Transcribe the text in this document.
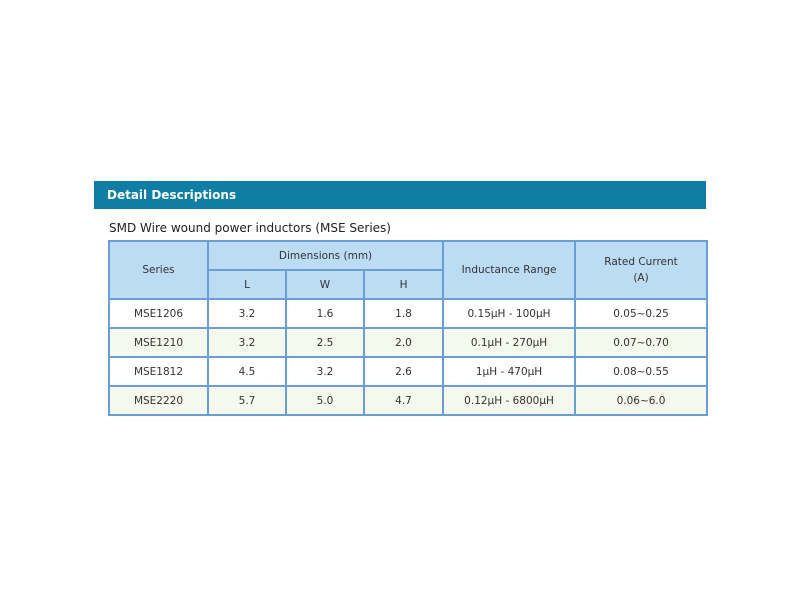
Detail Descriptions
SMD Wire wound power inductors (MSE Series)
Series	Dimensions (mm)			Inductance Range	Rated Current
(A)

	L	W	H		
MSE1206	3.2	1.6	1.8	0.15μH - 100μH	0.05~0.25
MSE1210	3.2	2.5	2.0	0.1μH - 270μH	0.07~0.70
MSE1812	4.5	3.2	2.6	1μH - 470μH	0.08~0.55
MSE2220	5.7	5.0	4.7	0.12μH - 6800μH	0.06~6.0
